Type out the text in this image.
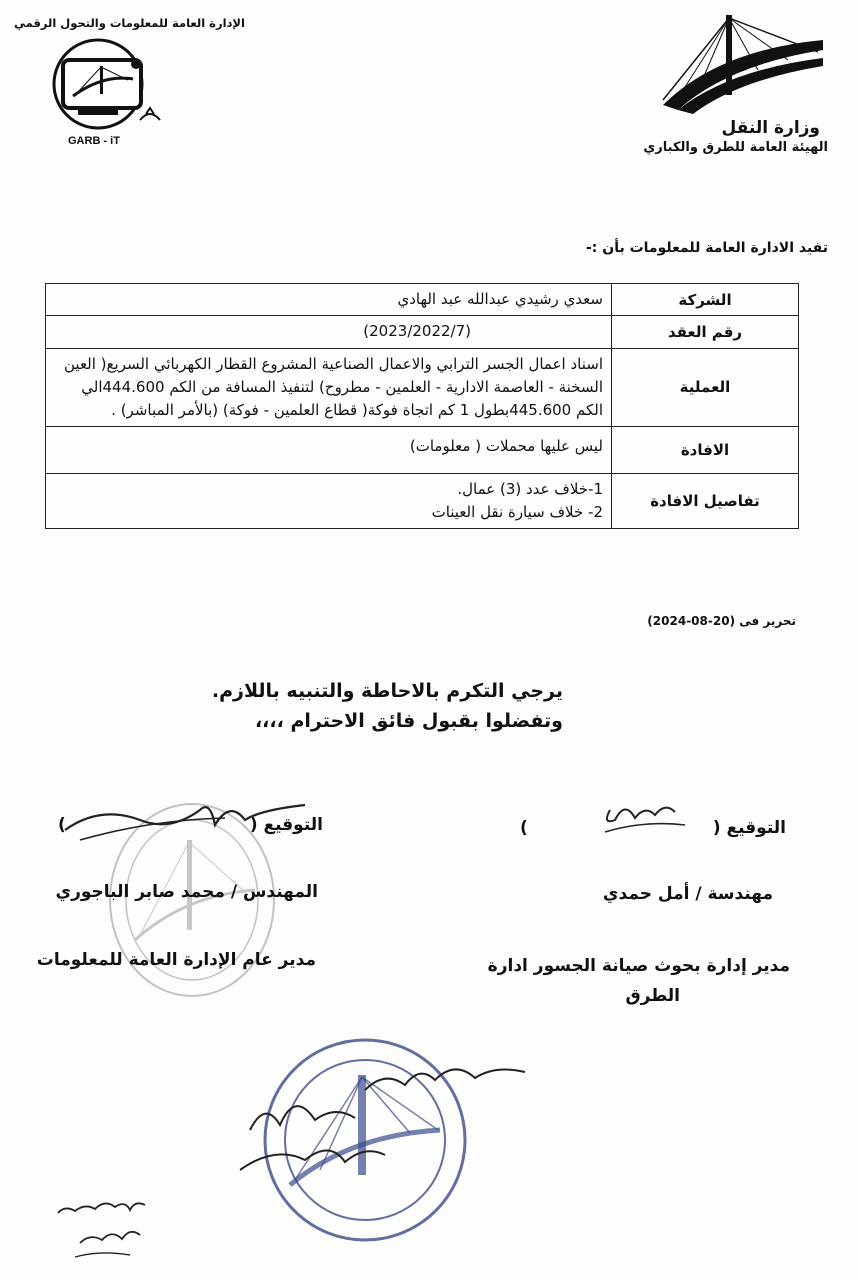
وزارة النقل
الهيئة العامة للطرق والكباري
الإدارة العامة للمعلومات والتحول الرقمي
GARB - iT
تفيد الادارة العامة للمعلومات بأن :-
الشركة	سعدي رشيدي عبدالله عبد الهادي
رقم العقد	(2023/2022/7)
العملية	اسناد اعمال الجسر الترابي والاعمال الصناعية المشروع القطار الكهربائي السريع( العين السخنة - العاصمة الادارية - العلمين - مطروح) لتنفيذ المسافة من الكم 444.600الي الكم 445.600بطول 1 كم اتجاة فوكة( قطاع العلمين - فوكة) (بالأمر المباشر) .
الافادة	ليس عليها محملات ( معلومات)
تفاصيل الافادة	1-خلاف عدد (3) عمال.
2- خلاف سيارة نقل العينات
تحرير فى (20-08-2024)
يرجي التكرم بالاحاطة والتنبيه باللازم.
وتفضلوا بقبول فائق الاحترام ،،،،
التوقيع (
)
المهندس / محمد صابر الباجوري
مدير عام الإدارة العامة للمعلومات
التوقيع (
)
مهندسة / أمل حمدي
مدير إدارة بحوث صيانة الجسور ادارة
الطرق
